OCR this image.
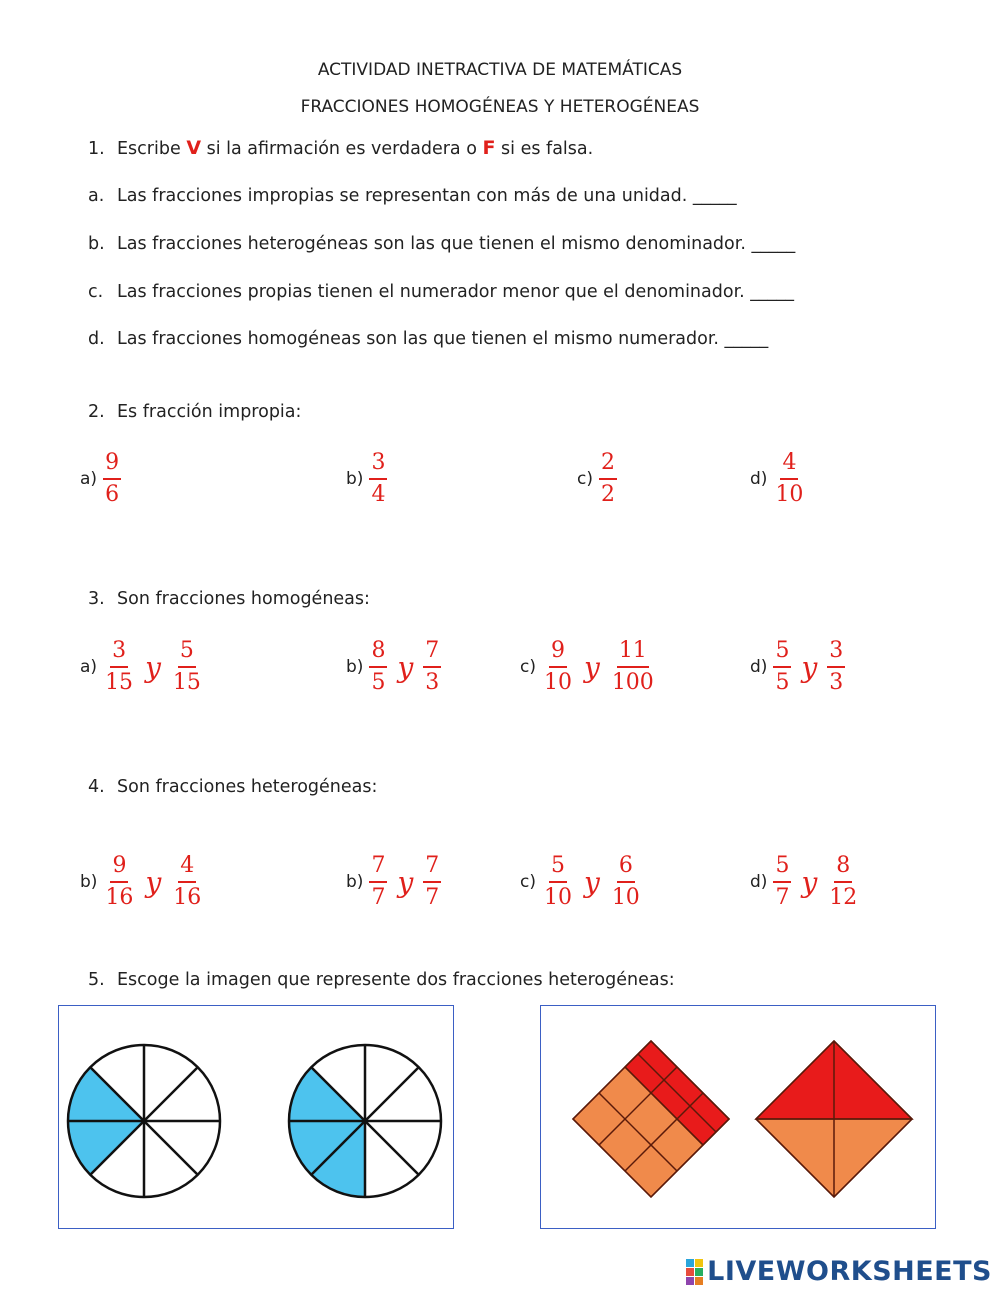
ACTIVIDAD INETRACTIVA DE MATEMÁTICAS
FRACCIONES HOMOGÉNEAS Y HETEROGÉNEAS
1. Escribe V si la afirmación es verdadera o F si es falsa.
a. Las fracciones impropias se representan con más de una unidad. _____
b. Las fracciones heterogéneas son las que tienen el mismo denominador. _____
c. Las fracciones propias tienen el numerador menor que el denominador. _____
d. Las fracciones homogéneas son las que tienen el mismo numerador. _____
2. Es fracción impropia:
$a) \frac{9}{6}$	$b) \frac{3}{4}$	$c) \frac{2}{2}$	$d) \frac{4}{10}$
3. Son fracciones homogéneas:
$a) \frac{3}{15}$ y $\frac{5}{15}$	$b) \frac{8}{5}$ y $\frac{7}{3}$	$c) \frac{9}{10}$ y $\frac{11}{100}$	$d) \frac{5}{5}$ y $\frac{3}{3}$
4. Son fracciones heterogéneas:
$b) \frac{9}{16}$ y $\frac{4}{16}$	$b) \frac{7}{7}$ y $\frac{7}{7}$	$c) \frac{5}{10}$ y $\frac{6}{10}$	$d) \frac{5}{7}$ y $\frac{8}{12}$
5. Escoge la imagen que represente dos fracciones heterogéneas:
LIVEWORKSHEETS
